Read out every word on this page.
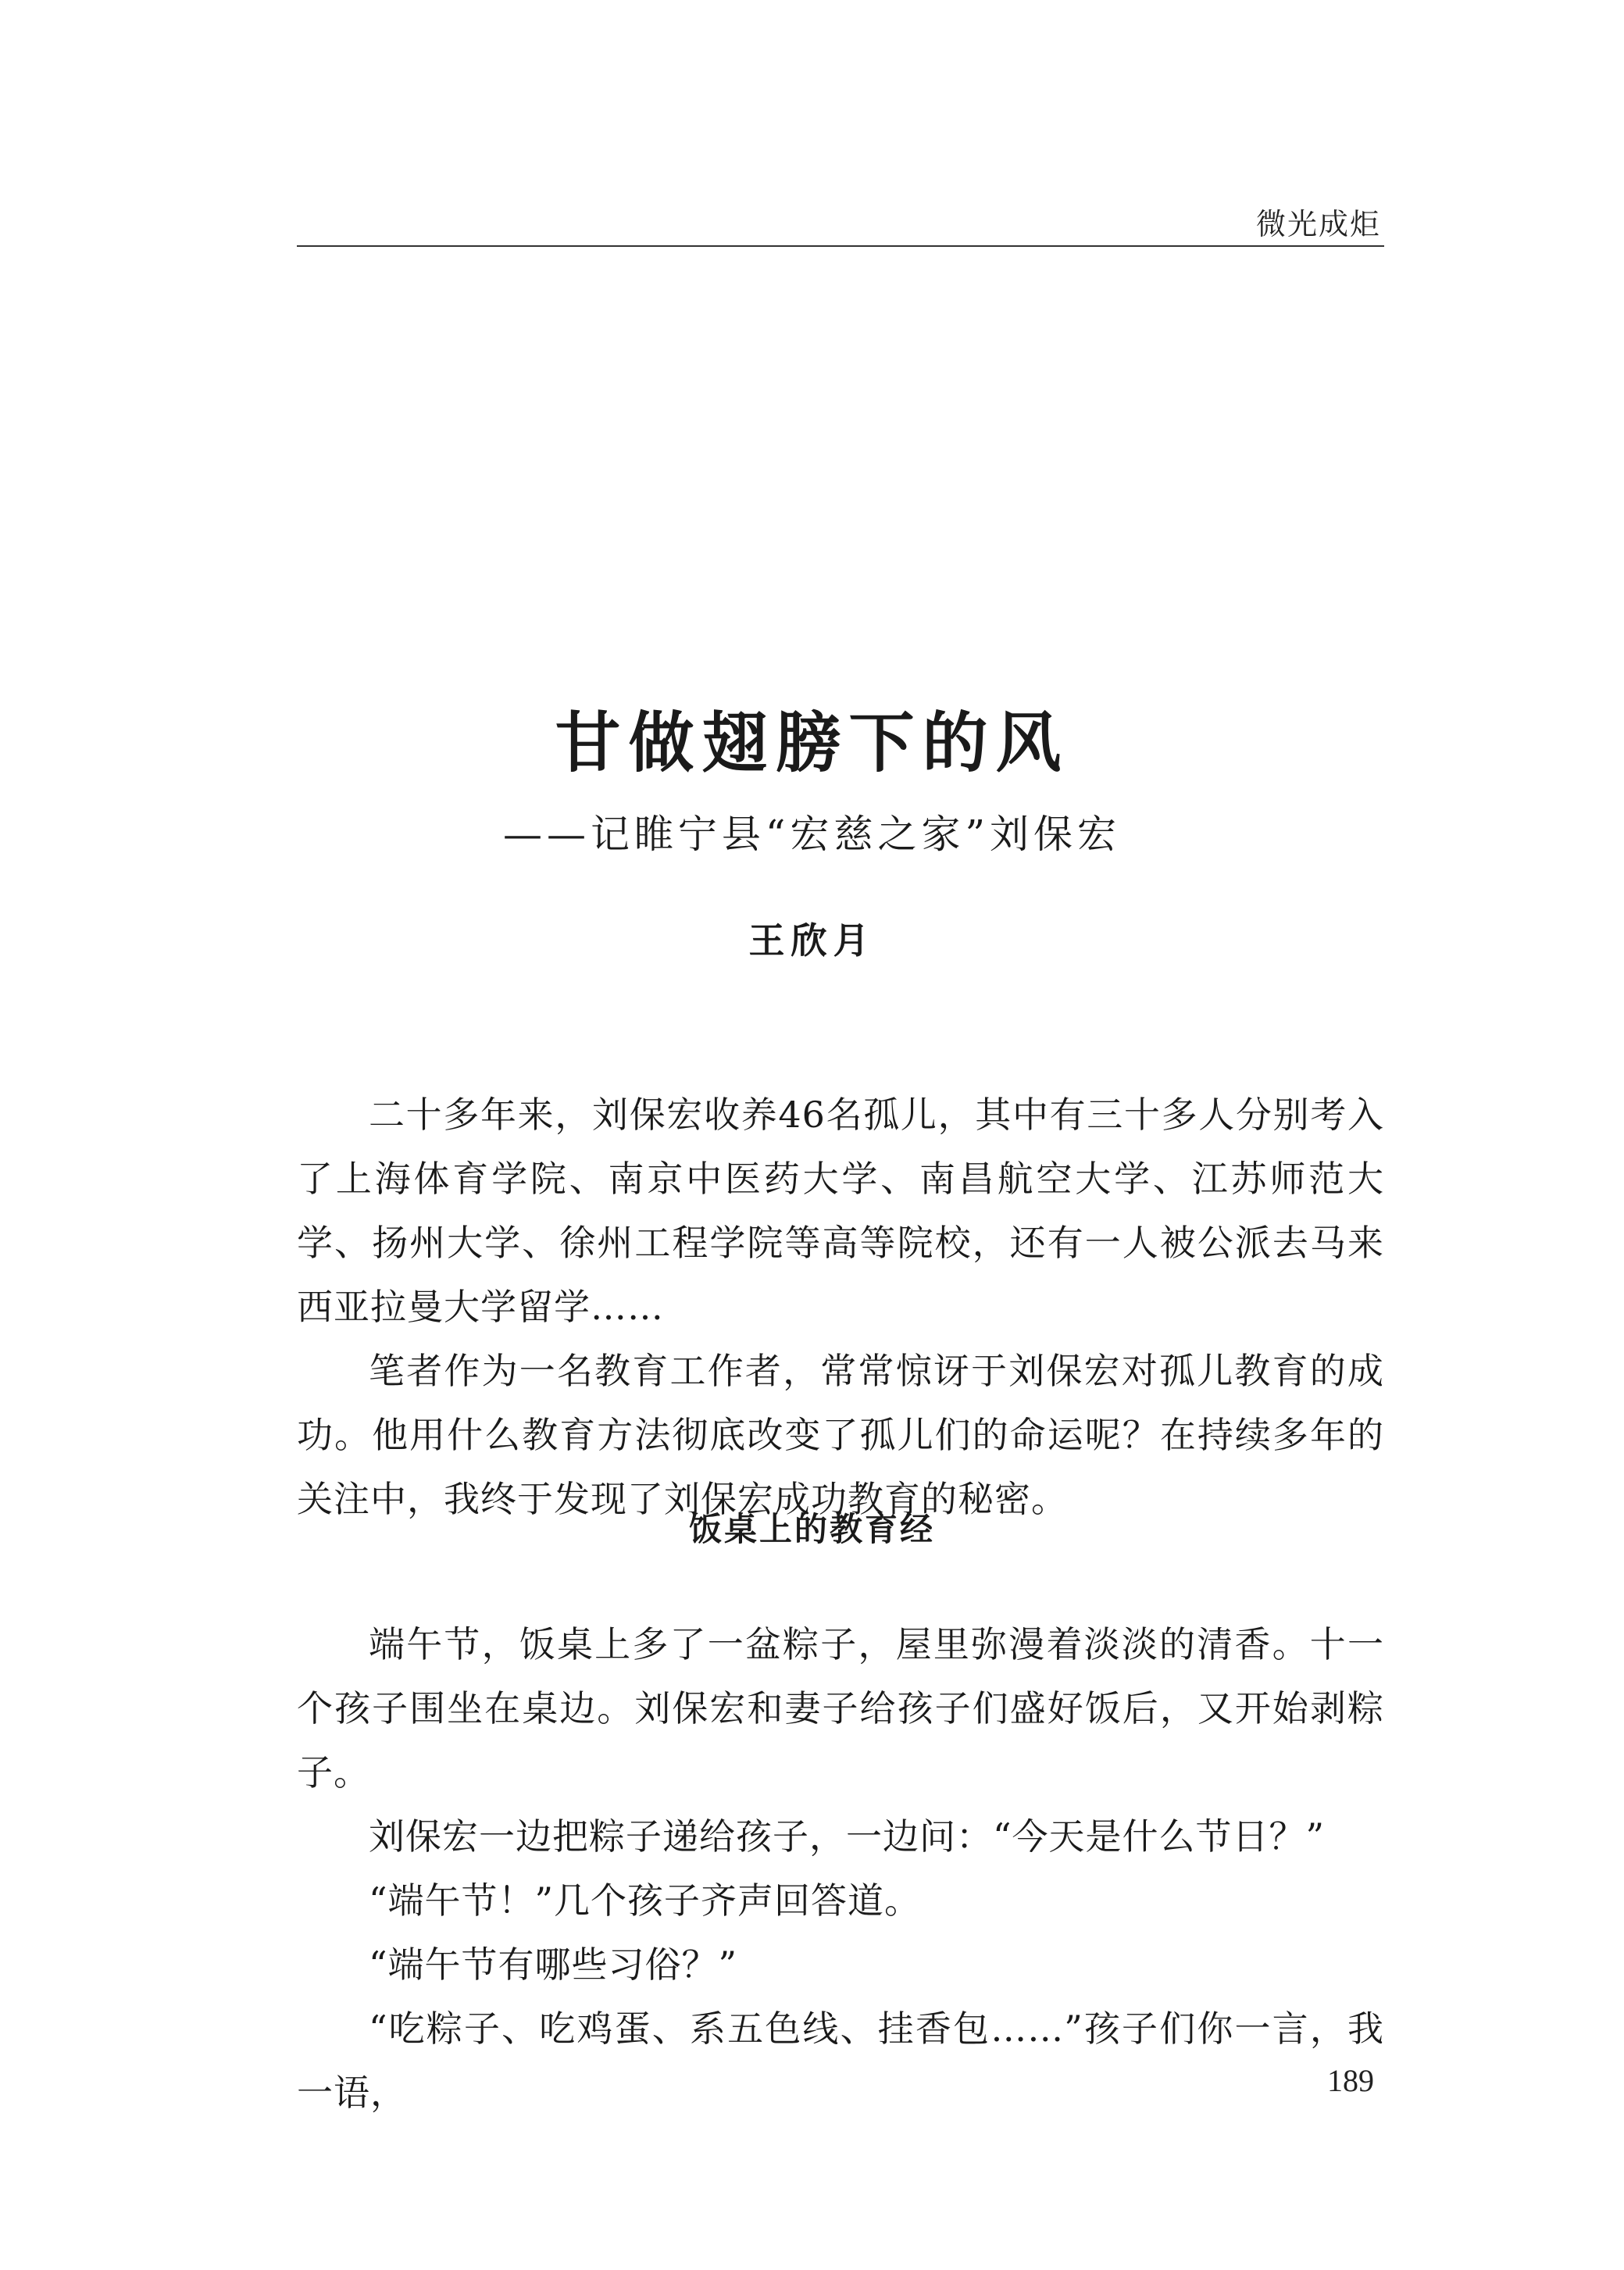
微光成炬
甘做翅膀下的风
——记睢宁县“宏慈之家”刘保宏
王欣月

二十多年来，刘保宏收养46名孤儿，其中有三十多人分别考入了上海体育学院、南京中医药大学、南昌航空大学、江苏师范大学、扬州大学、徐州工程学院等高等院校，还有一人被公派去马来西亚拉曼大学留学……

笔者作为一名教育工作者，常常惊讶于刘保宏对孤儿教育的成功。他用什么教育方法彻底改变了孤儿们的命运呢？在持续多年的关注中，我终于发现了刘保宏成功教育的秘密。

饭桌上的教育经

端午节，饭桌上多了一盆粽子，屋里弥漫着淡淡的清香。十一个孩子围坐在桌边。刘保宏和妻子给孩子们盛好饭后，又开始剥粽子。

刘保宏一边把粽子递给孩子，一边问：“今天是什么节日？”

“端午节！”几个孩子齐声回答道。

“端午节有哪些习俗？”

“吃粽子、吃鸡蛋、系五色线、挂香包……”孩子们你一言，我一语，	189
